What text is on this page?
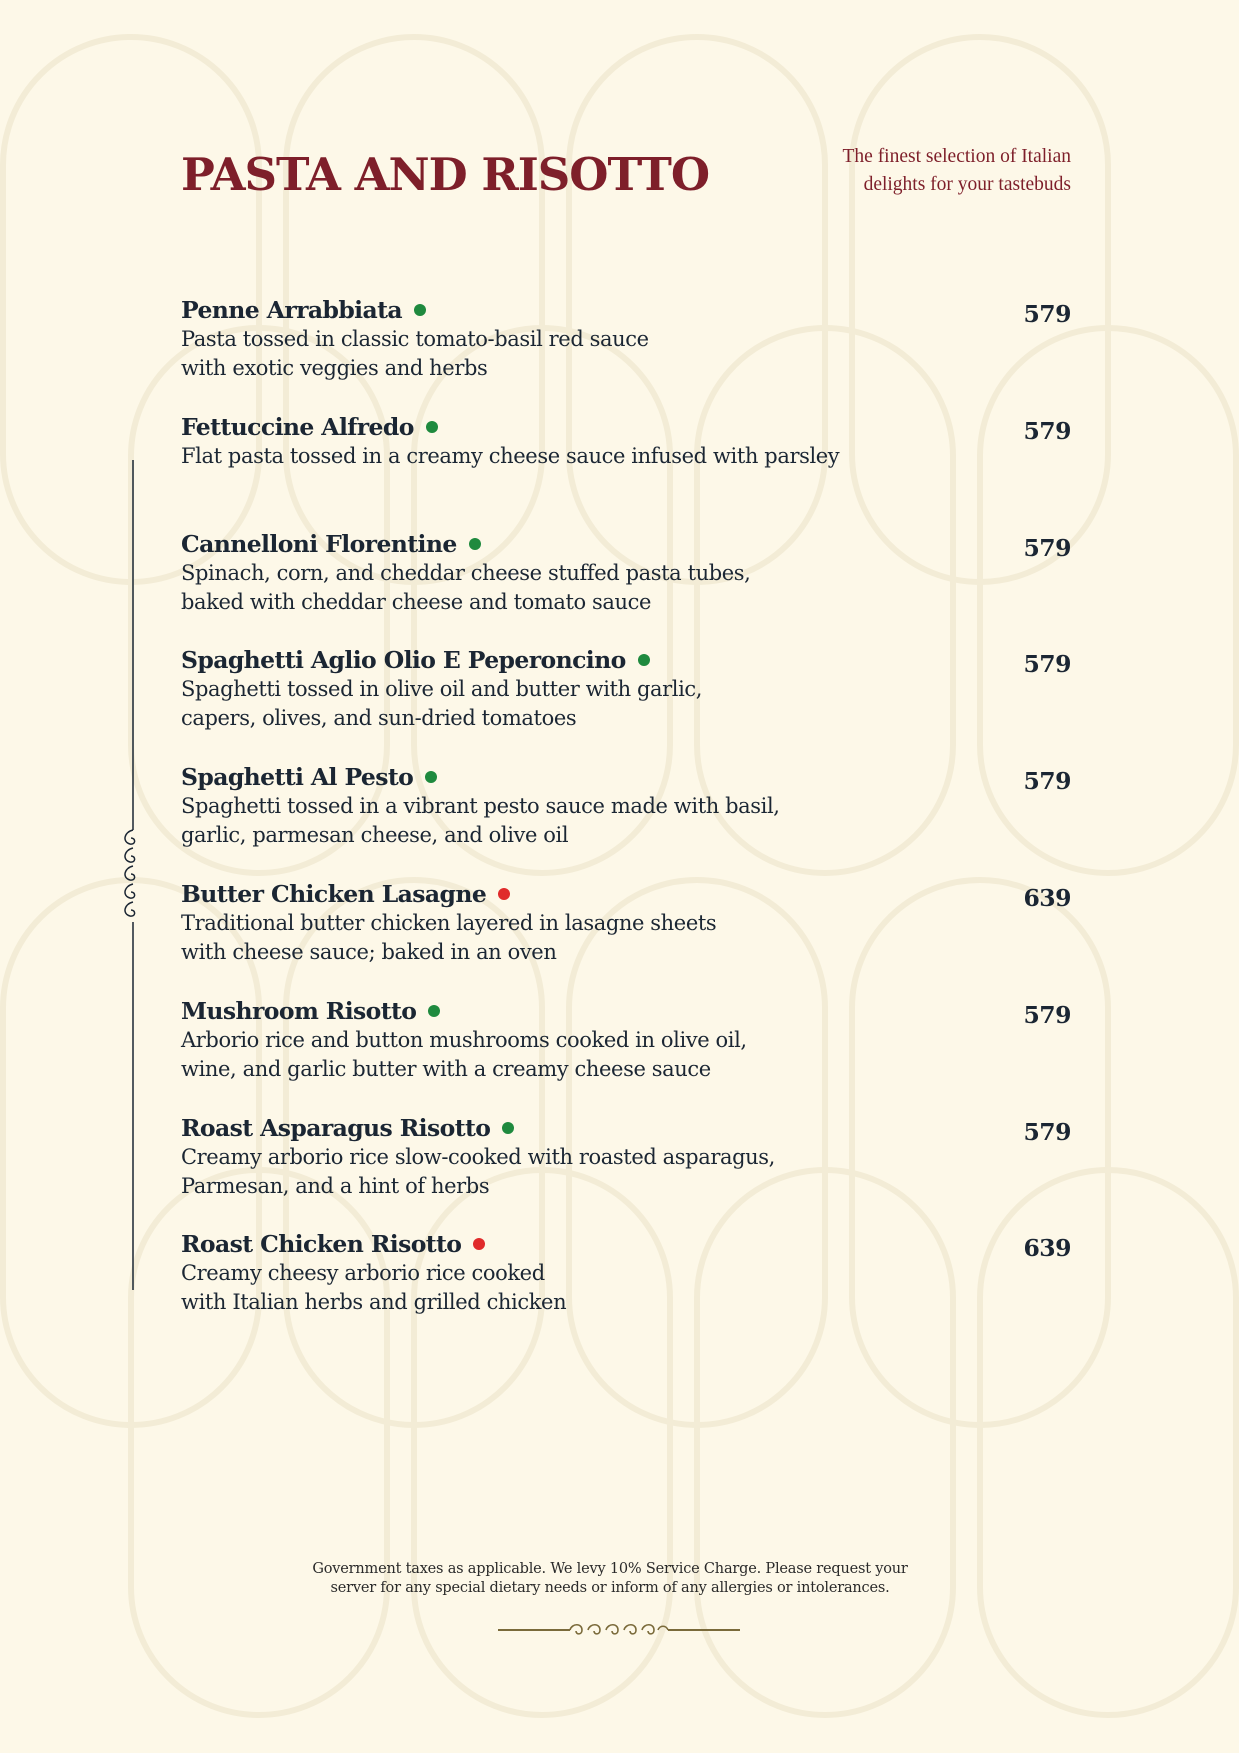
PASTA AND RISOTTO	The finest selection of Italian
delights for your tastebuds
Penne Arrabbiata	579
Pasta tossed in classic tomato-basil red sauce
with exotic veggies and herbs
Fettuccine Alfredo	579
Flat pasta tossed in a creamy cheese sauce infused with parsley
Cannelloni Florentine	579
Spinach, corn, and cheddar cheese stuffed pasta tubes,
baked with cheddar cheese and tomato sauce
Spaghetti Aglio Olio E Peperoncino	579
Spaghetti tossed in olive oil and butter with garlic,
capers, olives, and sun-dried tomatoes
Spaghetti Al Pesto	579
Spaghetti tossed in a vibrant pesto sauce made with basil,
garlic, parmesan cheese, and olive oil
Butter Chicken Lasagne	639
Traditional butter chicken layered in lasagne sheets
with cheese sauce; baked in an oven
Mushroom Risotto	579
Arborio rice and button mushrooms cooked in olive oil,
wine, and garlic butter with a creamy cheese sauce
Roast Asparagus Risotto	579
Creamy arborio rice slow-cooked with roasted asparagus,
Parmesan, and a hint of herbs
Roast Chicken Risotto	639
Creamy cheesy arborio rice cooked
with Italian herbs and grilled chicken
Government taxes as applicable. We levy 10% Service Charge. Please request your
server for any special dietary needs or inform of any allergies or intolerances.
